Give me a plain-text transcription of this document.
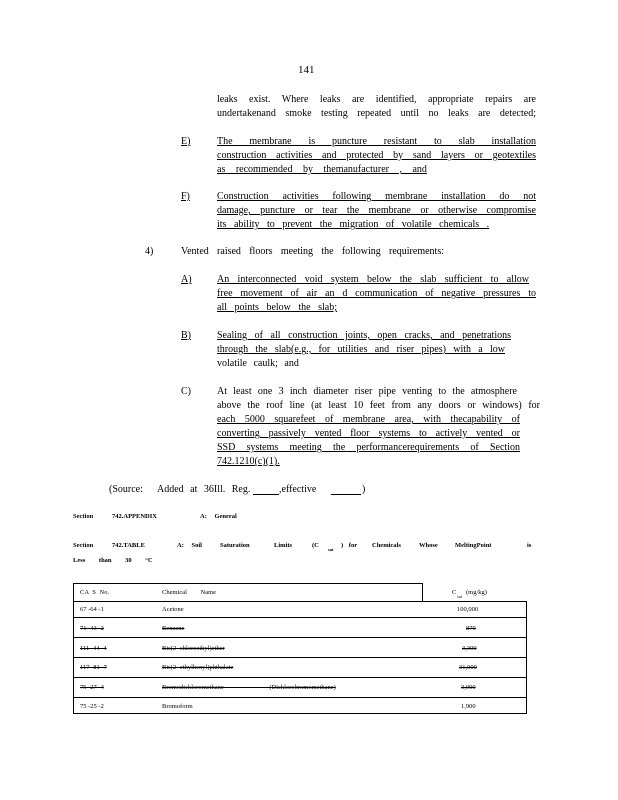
141
leaks exist. Where leaks are identified, appropriate repairs are
undertakenand smoke testing repeated until no leaks are detected;
E)	The membrane is puncture resistant to slab installation
construction activities and protected by sand layers or geotextiles
as recommended by themanufacturer , and
F)	Construction activities following membrane installation do not
damage, puncture or tear the membrane or otherwise compromise
its ability to prevent the migration of volatile chemicals .
4)	Vented raised floors meeting the following requirements:
A)	An interconnected void system below the slab sufficient to allow
free movement of air an d communication of negative pressures to
all points below the slab;
B)	Sealing of all construction joints, open cracks, and penetrations
through the slab(e.g., for utilities and riser pipes) with a low
volatile caulk; and
C)	At least one 3 inch diameter riser pipe venting to the atmosphere
above the roof line (at least 10 feet from any doors or windows) for
each 5000 squarefeet of membrane area, with thecapability of
converting passively vented floor systems to actively vented or
SSD systems meeting the performancerequirements of Section
742.1210(c)(1).
(Source: Added at 36Ill. Reg.	,effective	)
Section	742.APPENDIX	A: General
Section	742.TABLE	A: Soil	Saturation	Limits	(C
sat
) for Chemicals	Whose	MeltingPoint	is
Less than 30 °C
CA S No.	Chemical Name	C
sat
(mg/kg)
67 -64 -1	Acetone	100,000
71 -43 -2	Benzene	870
111 -44 -4	Bis(2 -chloroethyl)ether	3,300
117 -81 -7	Bis(2 -ethylhexyl)phthalate	31,000
75 -27 -4	Bromodichloromethane (Dichlorobromomethane)	3,000
75 -25 -2	Bromoform	1,900
